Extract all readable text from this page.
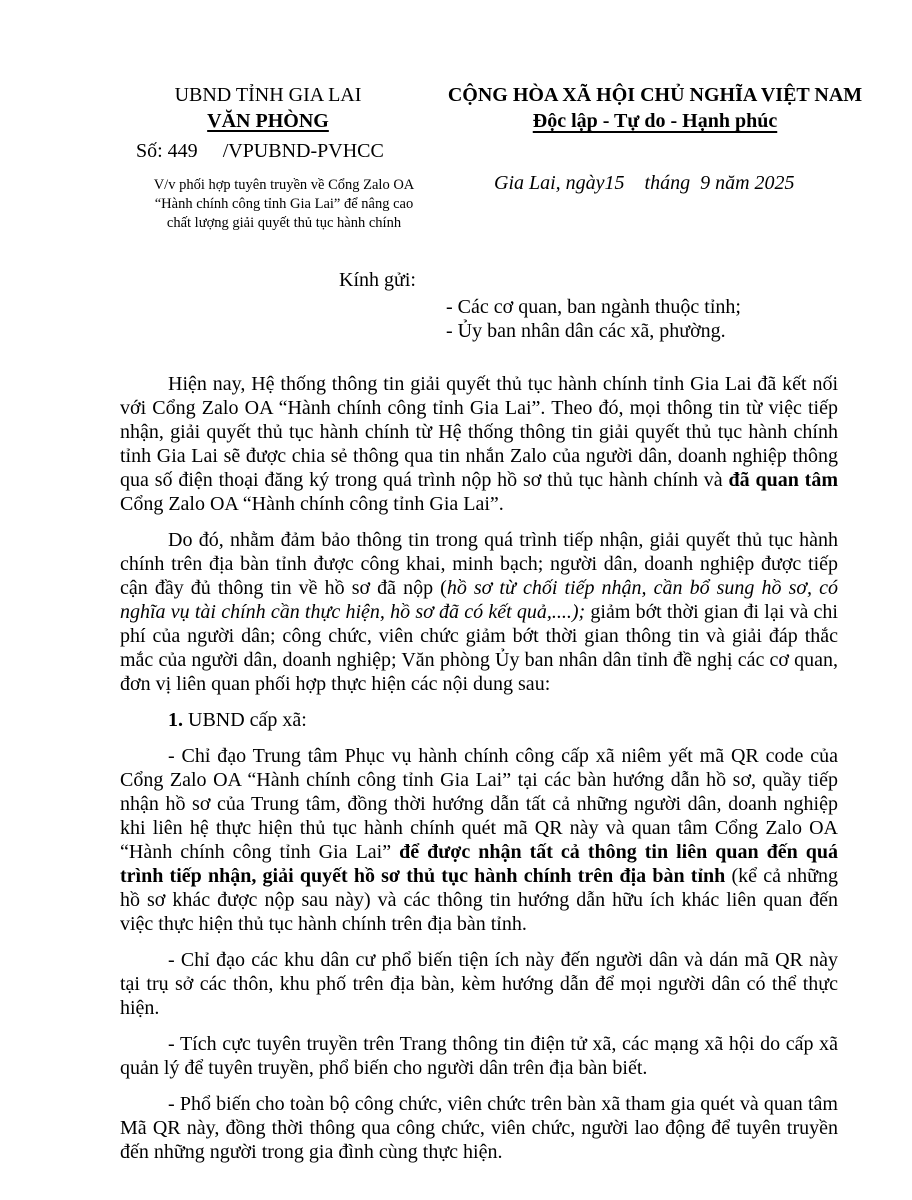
UBND TỈNH GIA LAI
VĂN PHÒNG
Số: 449 /VPUBND-PVHCC
V/v phối hợp tuyên truyền về Cổng Zalo OA
“Hành chính công tỉnh Gia Lai” để nâng cao
chất lượng giải quyết thủ tục hành chính
CỘNG HÒA XÃ HỘI CHỦ NGHĨA VIỆT NAM
Độc lập - Tự do - Hạnh phúc
Gia Lai, ngày15    tháng  9 năm 2025
Kính gửi:
- Các cơ quan, ban ngành thuộc tỉnh;
- Ủy ban nhân dân các xã, phường.

Hiện nay, Hệ thống thông tin giải quyết thủ tục hành chính tỉnh Gia Lai đã kết nối với Cổng Zalo OA “Hành chính công tỉnh Gia Lai”. Theo đó, mọi thông tin từ việc tiếp nhận, giải quyết thủ tục hành chính từ Hệ thống thông tin giải quyết thủ tục hành chính tỉnh Gia Lai sẽ được chia sẻ thông qua tin nhắn Zalo của người dân, doanh nghiệp thông qua số điện thoại đăng ký trong quá trình nộp hồ sơ thủ tục hành chính và đã quan tâm Cổng Zalo OA “Hành chính công tỉnh Gia Lai”.

Do đó, nhằm đảm bảo thông tin trong quá trình tiếp nhận, giải quyết thủ tục hành chính trên địa bàn tỉnh được công khai, minh bạch; người dân, doanh nghiệp được tiếp cận đầy đủ thông tin về hồ sơ đã nộp (hồ sơ từ chối tiếp nhận, cần bổ sung hồ sơ, có nghĩa vụ tài chính cần thực hiện, hồ sơ đã có kết quả,....); giảm bớt thời gian đi lại và chi phí của người dân; công chức, viên chức giảm bớt thời gian thông tin và giải đáp thắc mắc của người dân, doanh nghiệp; Văn phòng Ủy ban nhân dân tỉnh đề nghị các cơ quan, đơn vị liên quan phối hợp thực hiện các nội dung sau:

1. UBND cấp xã:

- Chỉ đạo Trung tâm Phục vụ hành chính công cấp xã niêm yết mã QR code của Cổng Zalo OA “Hành chính công tỉnh Gia Lai” tại các bàn hướng dẫn hồ sơ, quầy tiếp nhận hồ sơ của Trung tâm, đồng thời hướng dẫn tất cả những người dân, doanh nghiệp khi liên hệ thực hiện thủ tục hành chính quét mã QR này và quan tâm Cổng Zalo OA “Hành chính công tỉnh Gia Lai” để được nhận tất cả thông tin liên quan đến quá trình tiếp nhận, giải quyết hồ sơ thủ tục hành chính trên địa bàn tỉnh (kể cả những hồ sơ khác được nộp sau này) và các thông tin hướng dẫn hữu ích khác liên quan đến việc thực hiện thủ tục hành chính trên địa bàn tỉnh.

- Chỉ đạo các khu dân cư phổ biến tiện ích này đến người dân và dán mã QR này tại trụ sở các thôn, khu phố trên địa bàn, kèm hướng dẫn để mọi người dân có thể thực hiện.

- Tích cực tuyên truyền trên Trang thông tin điện tử xã, các mạng xã hội do cấp xã quản lý để tuyên truyền, phổ biến cho người dân trên địa bàn biết.

- Phổ biến cho toàn bộ công chức, viên chức trên bàn xã tham gia quét và quan tâm Mã QR này, đồng thời thông qua công chức, viên chức, người lao động để tuyên truyền đến những người trong gia đình cùng thực hiện.
